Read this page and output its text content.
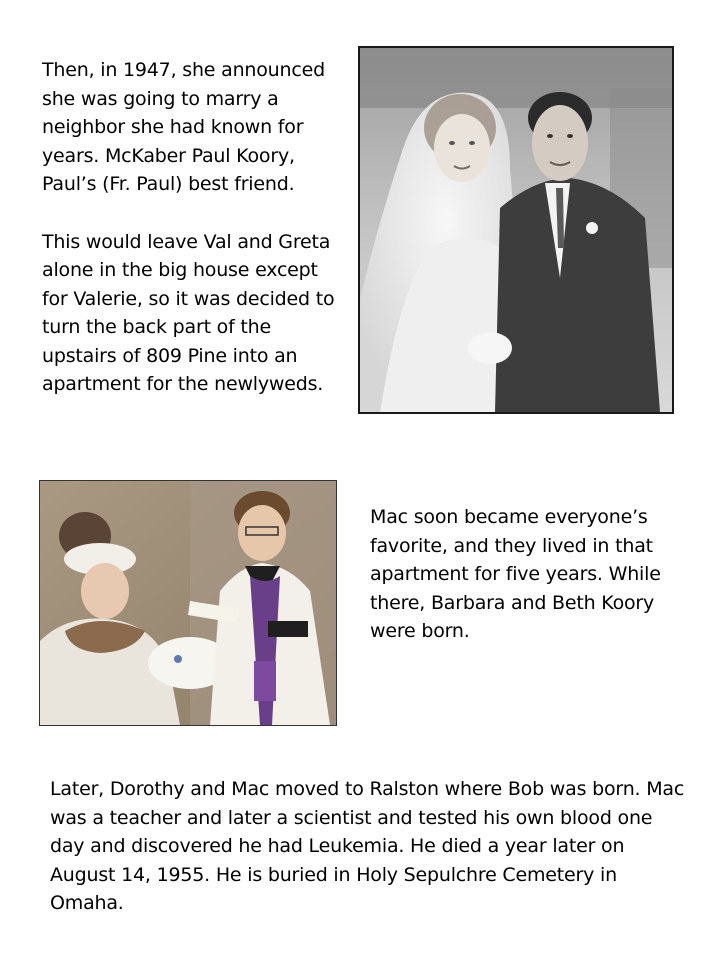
Then, in 1947, she announced she was going to marry a neighbor she had known for years. McKaber Paul Koory, Paul’s (Fr. Paul) best friend.

This would leave Val and Greta alone in the big house except for Valerie, so it was decided to turn the back part of the upstairs of 809 Pine into an apartment for the newlyweds.

Mac soon became everyone’s favorite, and they lived in that apartment for five years. While there, Barbara and Beth Koory were born.

Later, Dorothy and Mac moved to Ralston where Bob was born. Mac was a teacher and later a scientist and tested his own blood one day and discovered he had Leukemia. He died a year later on August 14, 1955. He is buried in Holy Sepulchre Cemetery in Omaha.
